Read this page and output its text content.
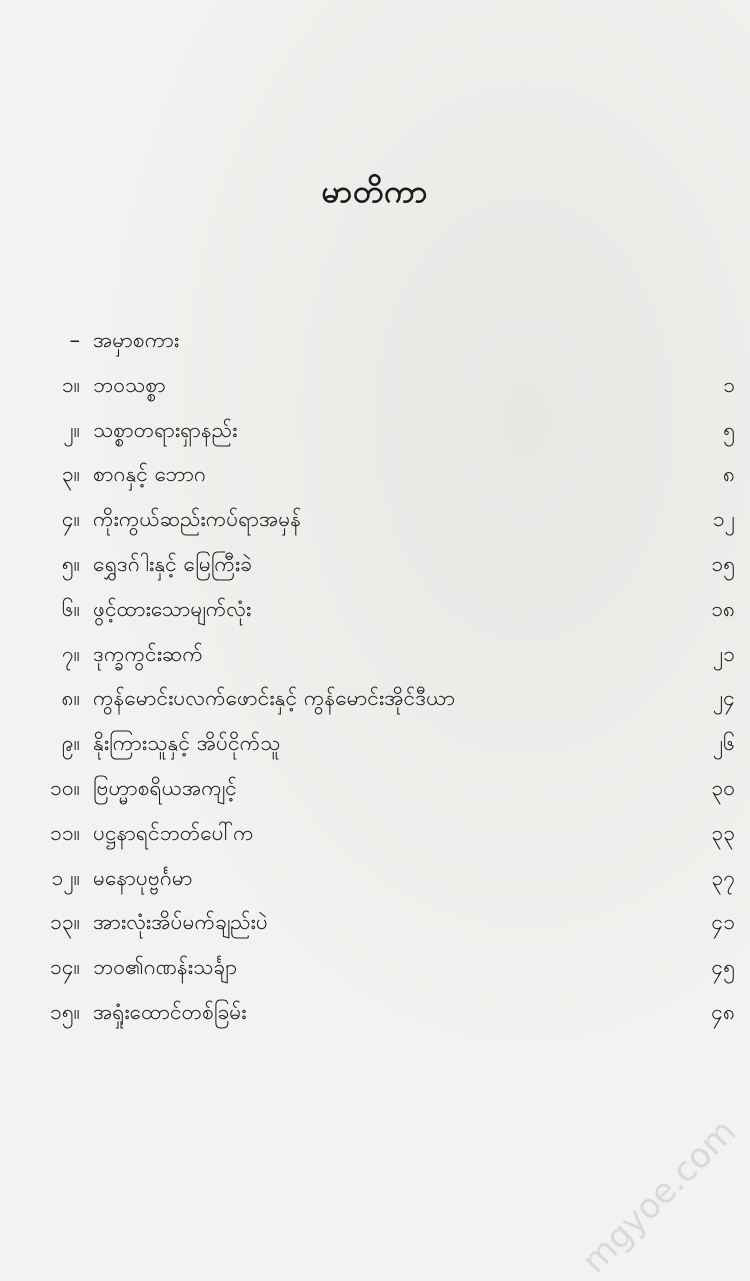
မာတိကာ
– အမှာစကား
၁။ ဘဝသစ္စာ	၁
၂။ သစ္စာတရားရှာနည်း	၅
၃။ စာဂနှင့် ဘောဂ	၈
၄။ ကိုးကွယ်ဆည်းကပ်ရာအမှန်	၁၂
၅။ ရွှေဒဂ်ါးနှင့် မြေကြီးခဲ	၁၅
၆။ ဖွင့်ထားသောမျက်လုံး	၁၈
၇။ ဒုက္ခကွင်းဆက်	၂၁
၈။ ကွန်မောင်းပလက်ဖောင်းနှင့် ကွန်မောင်းအိုင်ဒီယာ	၂၄
၉။ နိုးကြားသူနှင့် အိပ်ငိုက်သူ	၂၆
၁၀။ ဗြဟ္မာစရိယအကျင့်	၃၀
၁၁။ ပဋ္ဌနာရင်ဘတ်ပေါ်က	၃၃
၁၂။ မနောပုဗ္ဗင်္ဂမာ	၃၇
၁၃။ အားလုံးအိပ်မက်ချည်းပဲ	၄၁
၁၄။ ဘဝ၏ဂဏန်းသင်္ချာ	၄၅
၁၅။ အရှုံးထောင်တစ်ခြမ်း	၄၈
mgyoe.com
